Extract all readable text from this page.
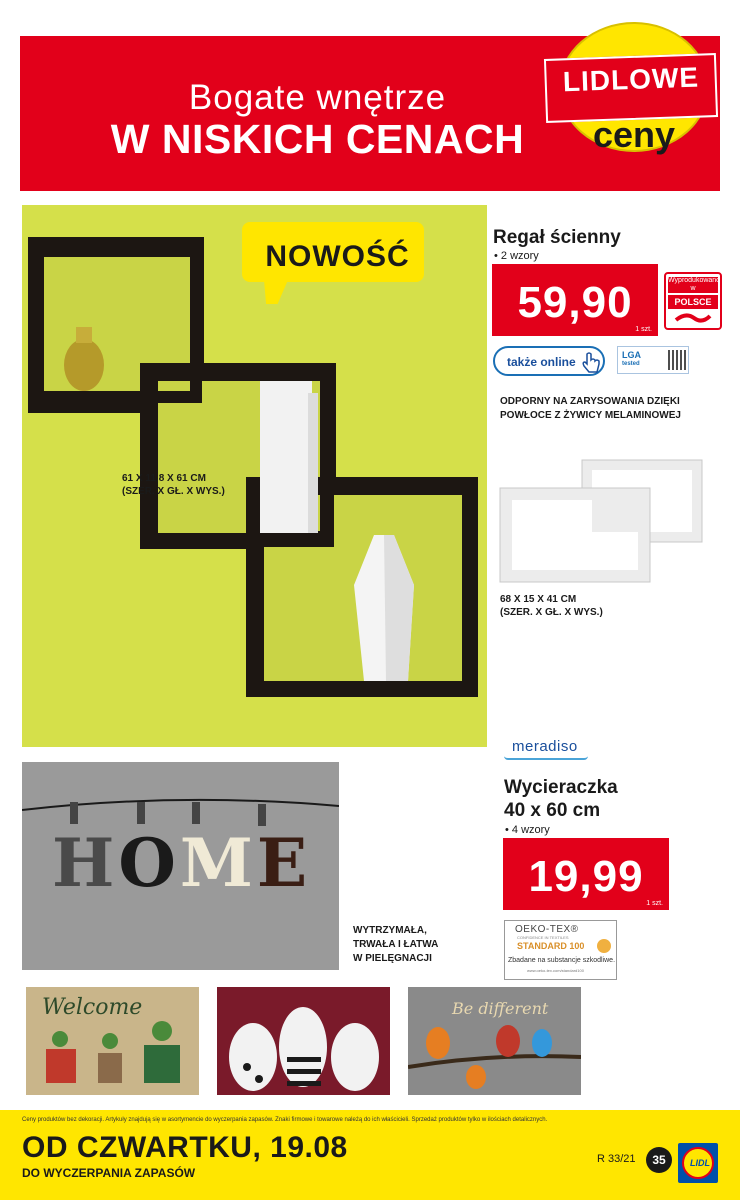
Bogate wnętrze
W NISKICH CENACH
LIDLOWE
ceny
NOWOŚĆ
61 X 11,8 X 61 CM
(SZER. X GŁ. X WYS.)
Regał ścienny
• 2 wzory
59,90
1 szt.
Wyprodukowano w
POLSCE
także online	LGA
tested
ODPORNY NA ZARYSOWANIA DZIĘKI
POWŁOCE Z ŻYWICY MELAMINOWEJ
68 X 15 X 41 CM
(SZER. X GŁ. X WYS.)
HOME
meradiso
Wycieraczka
40 x 60 cm
• 4 wzory
19,99
1 szt.
WYTRZYMAŁA,
TRWAŁA I ŁATWA
W PIELĘGNACJI
OEKO-TEX®
CONFIDENCE IN TEXTILES
STANDARD 100
Zbadane na substancje szkodliwe.
www.oeko-tex.com/standard100
Welcome	Be different
Ceny produktów bez dekoracji. Artykuły znajdują się w asortymencie do wyczerpania zapasów. Znaki firmowe i towarowe należą do ich właścicieli. Sprzedaż produktów tylko w ilościach detalicznych.
OD CZWARTKU, 19.08
DO WYCZERPANIA ZAPASÓW
R 33/21	35	LIDL
